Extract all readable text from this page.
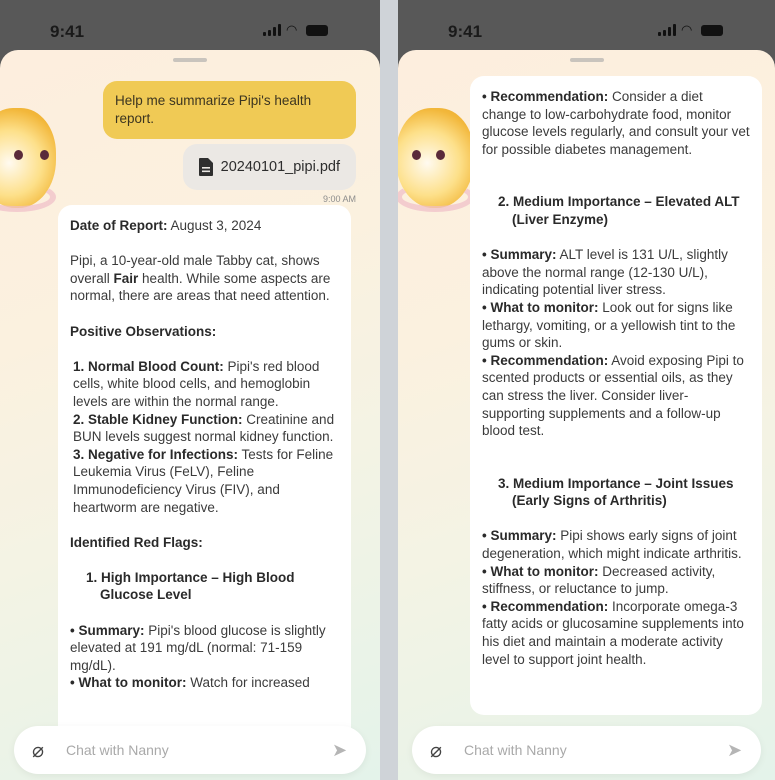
9:41	◠
Help me summarize Pipi's health report.
20240101_pipi.pdf
9:00 AM

Date of Report: August 3, 2024

Pipi, a 10-year-old male Tabby cat, shows overall Fair health. While some aspects are normal, there are areas that need attention.

Positive Observations:

1. Normal Blood Count: Pipi's red blood cells, white blood cells, and hemoglobin levels are within the normal range.

2. Stable Kidney Function: Creatinine and BUN levels suggest normal kidney function.

3. Negative for Infections: Tests for Feline Leukemia Virus (FeLV), Feline Immunodeficiency Virus (FIV), and heartworm are negative.

Identified Red Flags:

1. High Importance – High Blood Glucose Level

• Summary: Pipi's blood glucose is slightly elevated at 191 mg/dL (normal: 71-159 mg/dL).

• What to monitor: Watch for increased

⌀
Chat with Nanny	➤
9:41	◠

• Recommendation: Consider a diet change to low-carbohydrate food, monitor glucose levels regularly, and consult your vet for possible diabetes management.

2. Medium Importance – Elevated ALT (Liver Enzyme)

• Summary: ALT level is 131 U/L, slightly above the normal range (12-130 U/L), indicating potential liver stress.

• What to monitor: Look out for signs like lethargy, vomiting, or a yellowish tint to the gums or skin.

• Recommendation: Avoid exposing Pipi to scented products or essential oils, as they can stress the liver. Consider liver-supporting supplements and a follow-up blood test.

3. Medium Importance – Joint Issues (Early Signs of Arthritis)

• Summary: Pipi shows early signs of joint degeneration, which might indicate arthritis.

• What to monitor: Decreased activity, stiffness, or reluctance to jump.

• Recommendation: Incorporate omega-3 fatty acids or glucosamine supplements into his diet and maintain a moderate activity level to support joint health.

⌀
Chat with Nanny	➤
